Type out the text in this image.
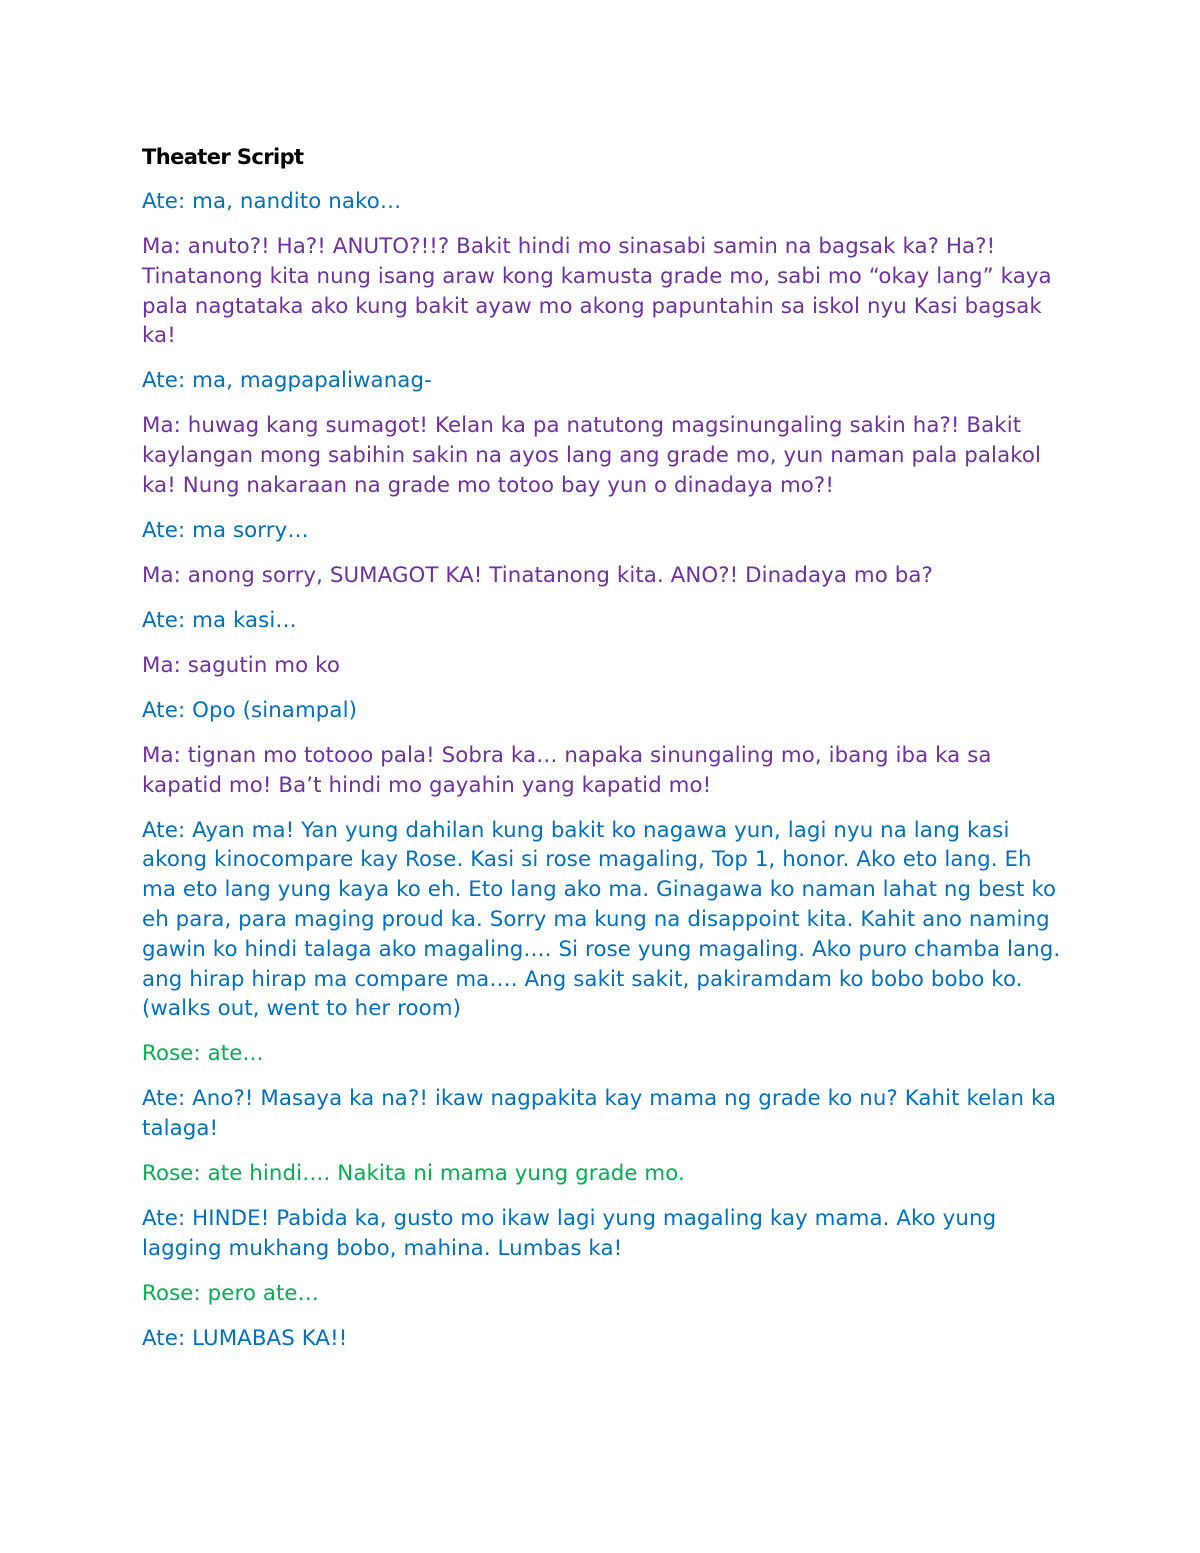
Theater Script
Ate: ma, nandito nako…
Ma: anuto?! Ha?! ANUTO?!!? Bakit hindi mo sinasabi samin na bagsak ka? Ha?! Tinatanong kita nung isang araw kong kamusta grade mo, sabi mo “okay lang” kaya pala nagtataka ako kung bakit ayaw mo akong papuntahin sa iskol nyu Kasi bagsak ka!
Ate: ma, magpapaliwanag-
Ma: huwag kang sumagot! Kelan ka pa natutong magsinungaling sakin ha?! Bakit kaylangan mong sabihin sakin na ayos lang ang grade mo, yun naman pala palakol ka! Nung nakaraan na grade mo totoo bay yun o dinadaya mo?!
Ate: ma sorry…
Ma: anong sorry, SUMAGOT KA! Tinatanong kita. ANO?! Dinadaya mo ba?
Ate: ma kasi…
Ma: sagutin mo ko
Ate: Opo (sinampal)
Ma: tignan mo totooo pala! Sobra ka… napaka sinungaling mo, ibang iba ka sa kapatid mo! Ba’t hindi mo gayahin yang kapatid mo!
Ate: Ayan ma! Yan yung dahilan kung bakit ko nagawa yun, lagi nyu na lang kasi akong kinocompare kay Rose. Kasi si rose magaling, Top 1, honor. Ako eto lang. Eh ma eto lang yung kaya ko eh. Eto lang ako ma. Ginagawa ko naman lahat ng best ko eh para, para maging proud ka. Sorry ma kung na disappoint kita. Kahit ano naming gawin ko hindi talaga ako magaling…. Si rose yung magaling. Ako puro chamba lang. ang hirap hirap ma compare ma…. Ang sakit sakit, pakiramdam ko bobo bobo ko. (walks out, went to her room)
Rose: ate…
Ate: Ano?! Masaya ka na?! ikaw nagpakita kay mama ng grade ko nu? Kahit kelan ka talaga!
Rose: ate hindi…. Nakita ni mama yung grade mo.
Ate: HINDE! Pabida ka, gusto mo ikaw lagi yung magaling kay mama. Ako yung lagging mukhang bobo, mahina. Lumbas ka!
Rose: pero ate…
Ate: LUMABAS KA!!
